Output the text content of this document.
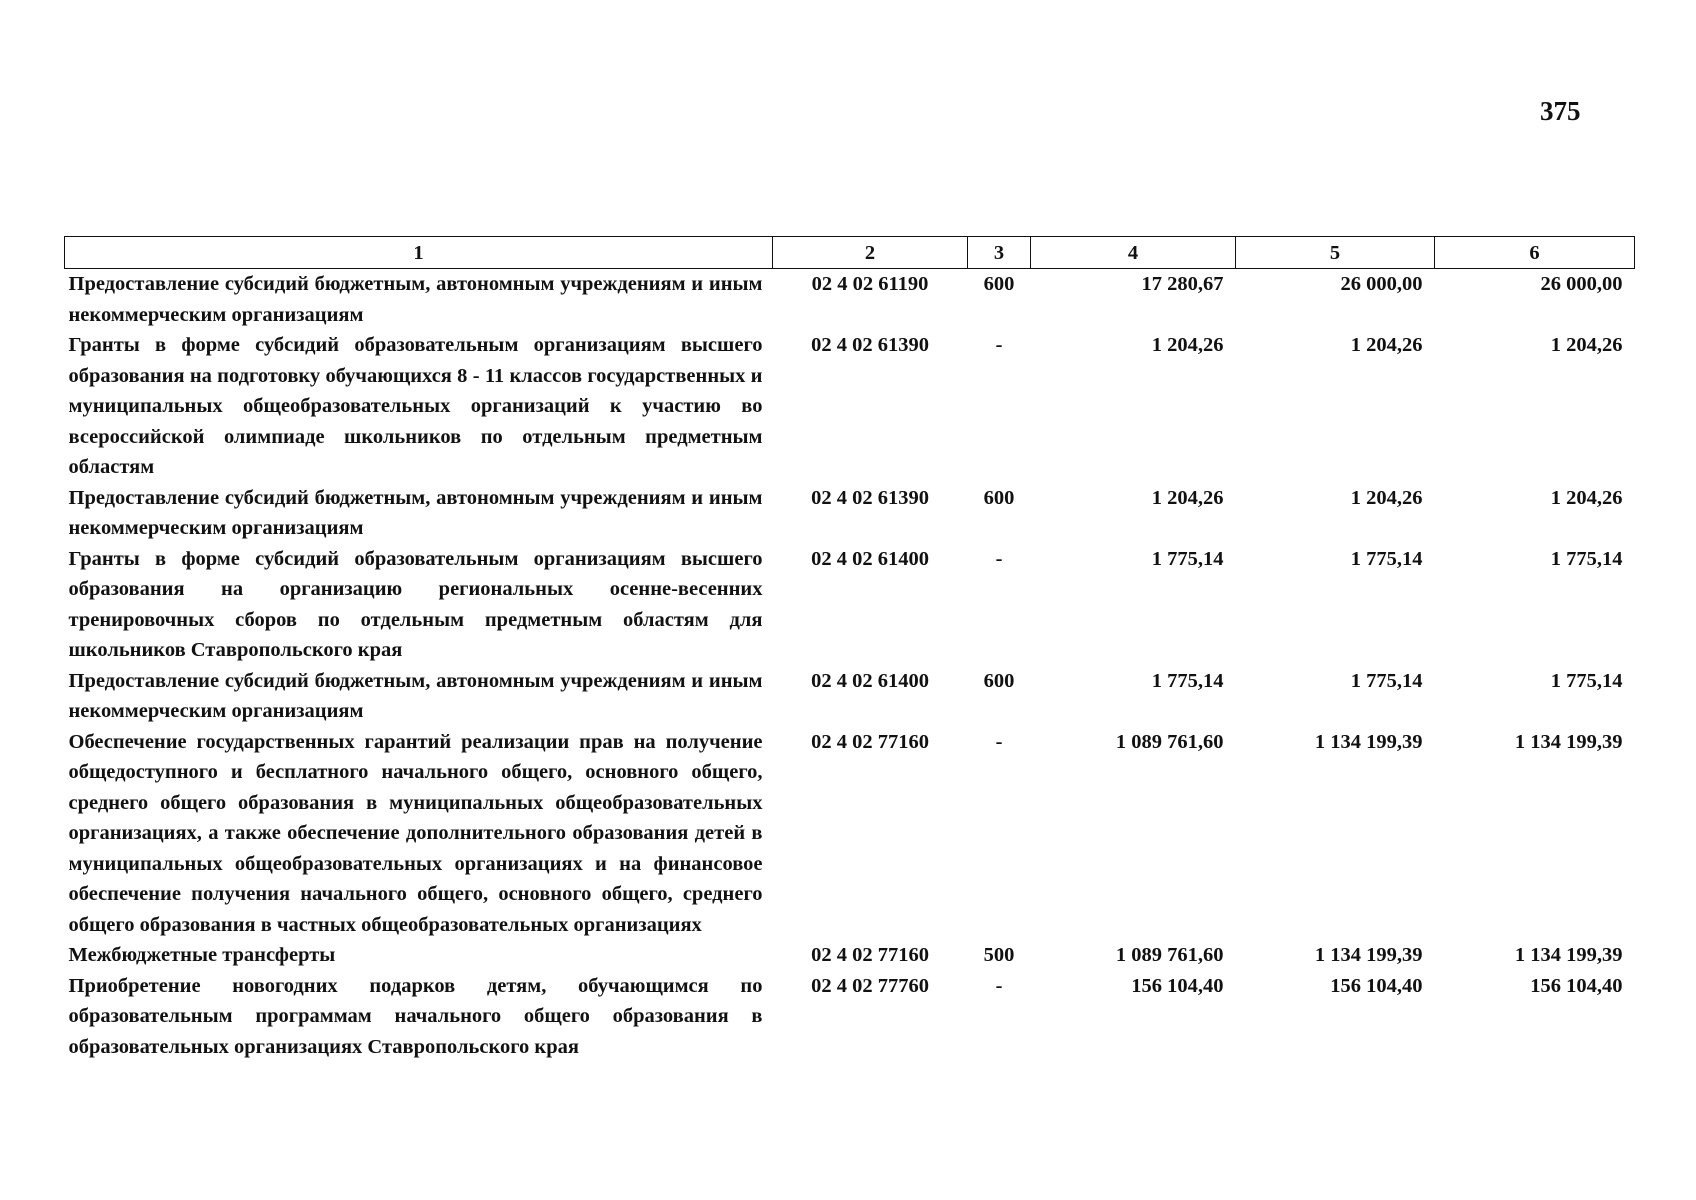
375
1	2	3	4	5	6
Предоставление субсидий бюджетным, автономным учреждениям и иным некоммерческим организациям	02 4 02 61190	600	17 280,67	26 000,00	26 000,00
Гранты в форме субсидий образовательным организациям высшего образования на подготовку обучающихся 8 - 11 классов государственных и муниципальных общеобразовательных организаций к участию во всероссийской олимпиаде школьников по отдельным предметным областям	02 4 02 61390	-	1 204,26	1 204,26	1 204,26
Предоставление субсидий бюджетным, автономным учреждениям и иным некоммерческим организациям	02 4 02 61390	600	1 204,26	1 204,26	1 204,26
Гранты в форме субсидий образовательным организациям высшего образования на организацию региональных осенне-весенних тренировочных сборов по отдельным предметным областям для школьников Ставропольского края	02 4 02 61400	-	1 775,14	1 775,14	1 775,14
Предоставление субсидий бюджетным, автономным учреждениям и иным некоммерческим организациям	02 4 02 61400	600	1 775,14	1 775,14	1 775,14
Обеспечение государственных гарантий реализации прав на получение общедоступного и бесплатного начального общего, основного общего, среднего общего образования в муниципальных общеобразовательных организациях, а также обеспечение дополнительного образования детей в муниципальных общеобразовательных организациях и на финансовое обеспечение получения начального общего, основного общего, среднего общего образования в частных общеобразовательных организациях	02 4 02 77160	-	1 089 761,60	1 134 199,39	1 134 199,39
Межбюджетные трансферты	02 4 02 77160	500	1 089 761,60	1 134 199,39	1 134 199,39
Приобретение новогодних подарков детям, обучающимся по образовательным программам начального общего образования в образовательных организациях Ставропольского края	02 4 02 77760	-	156 104,40	156 104,40	156 104,40
